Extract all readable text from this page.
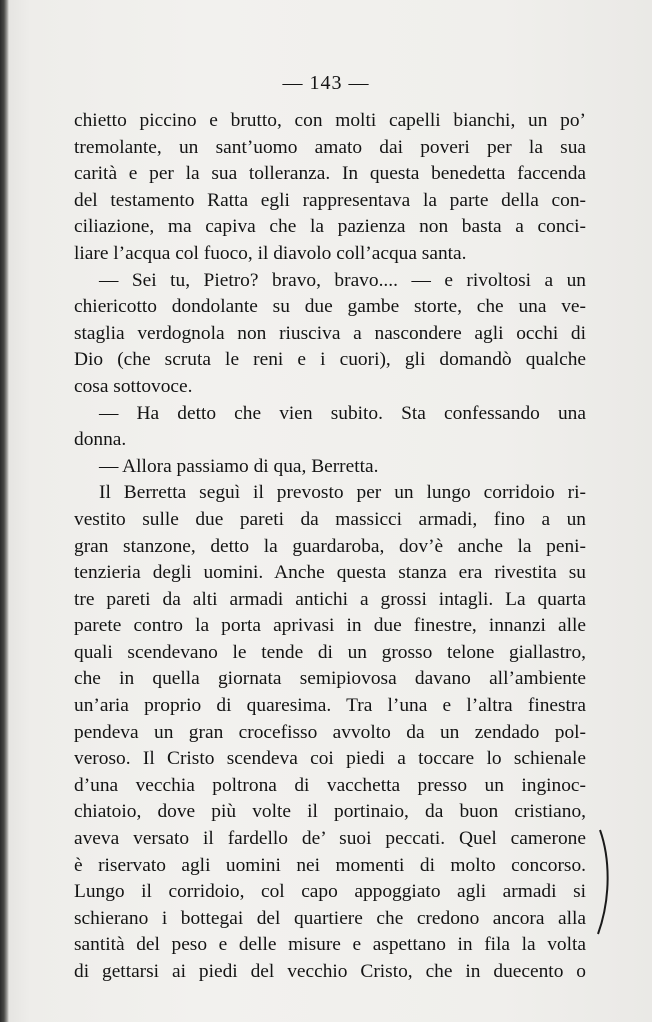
— 143 —
chietto piccino e brutto, con molti capelli bianchi, un po’
tremolante, un sant’uomo amato dai poveri per la sua
carità e per la sua tolleranza. In questa benedetta faccenda
del testamento Ratta egli rappresentava la parte della con-
ciliazione, ma capiva che la pazienza non basta a conci-
liare l’acqua col fuoco, il diavolo coll’acqua santa.
— Sei tu, Pietro? bravo, bravo.... — e rivoltosi a un
chiericotto dondolante su due gambe storte, che una ve-
staglia verdognola non riusciva a nascondere agli occhi di
Dio (che scruta le reni e i cuori), gli domandò qualche
cosa sottovoce.
— Ha detto che vien subito. Sta confessando una
donna.
— Allora passiamo di qua, Berretta.
Il Berretta seguì il prevosto per un lungo corridoio ri-
vestito sulle due pareti da massicci armadi, fino a un
gran stanzone, detto la guardaroba, dov’è anche la peni-
tenzieria degli uomini. Anche questa stanza era rivestita su
tre pareti da alti armadi antichi a grossi intagli. La quarta
parete contro la porta aprivasi in due finestre, innanzi alle
quali scendevano le tende di un grosso telone giallastro,
che in quella giornata semipiovosa davano all’ambiente
un’aria proprio di quaresima. Tra l’una e l’altra finestra
pendeva un gran crocefisso avvolto da un zendado pol-
veroso. Il Cristo scendeva coi piedi a toccare lo schienale
d’una vecchia poltrona di vacchetta presso un inginoc-
chiatoio, dove più volte il portinaio, da buon cristiano,
aveva versato il fardello de’ suoi peccati. Quel camerone
è riservato agli uomini nei momenti di molto concorso.
Lungo il corridoio, col capo appoggiato agli armadi si
schierano i bottegai del quartiere che credono ancora alla
santità del peso e delle misure e aspettano in fila la volta
di gettarsi ai piedi del vecchio Cristo, che in duecento o
